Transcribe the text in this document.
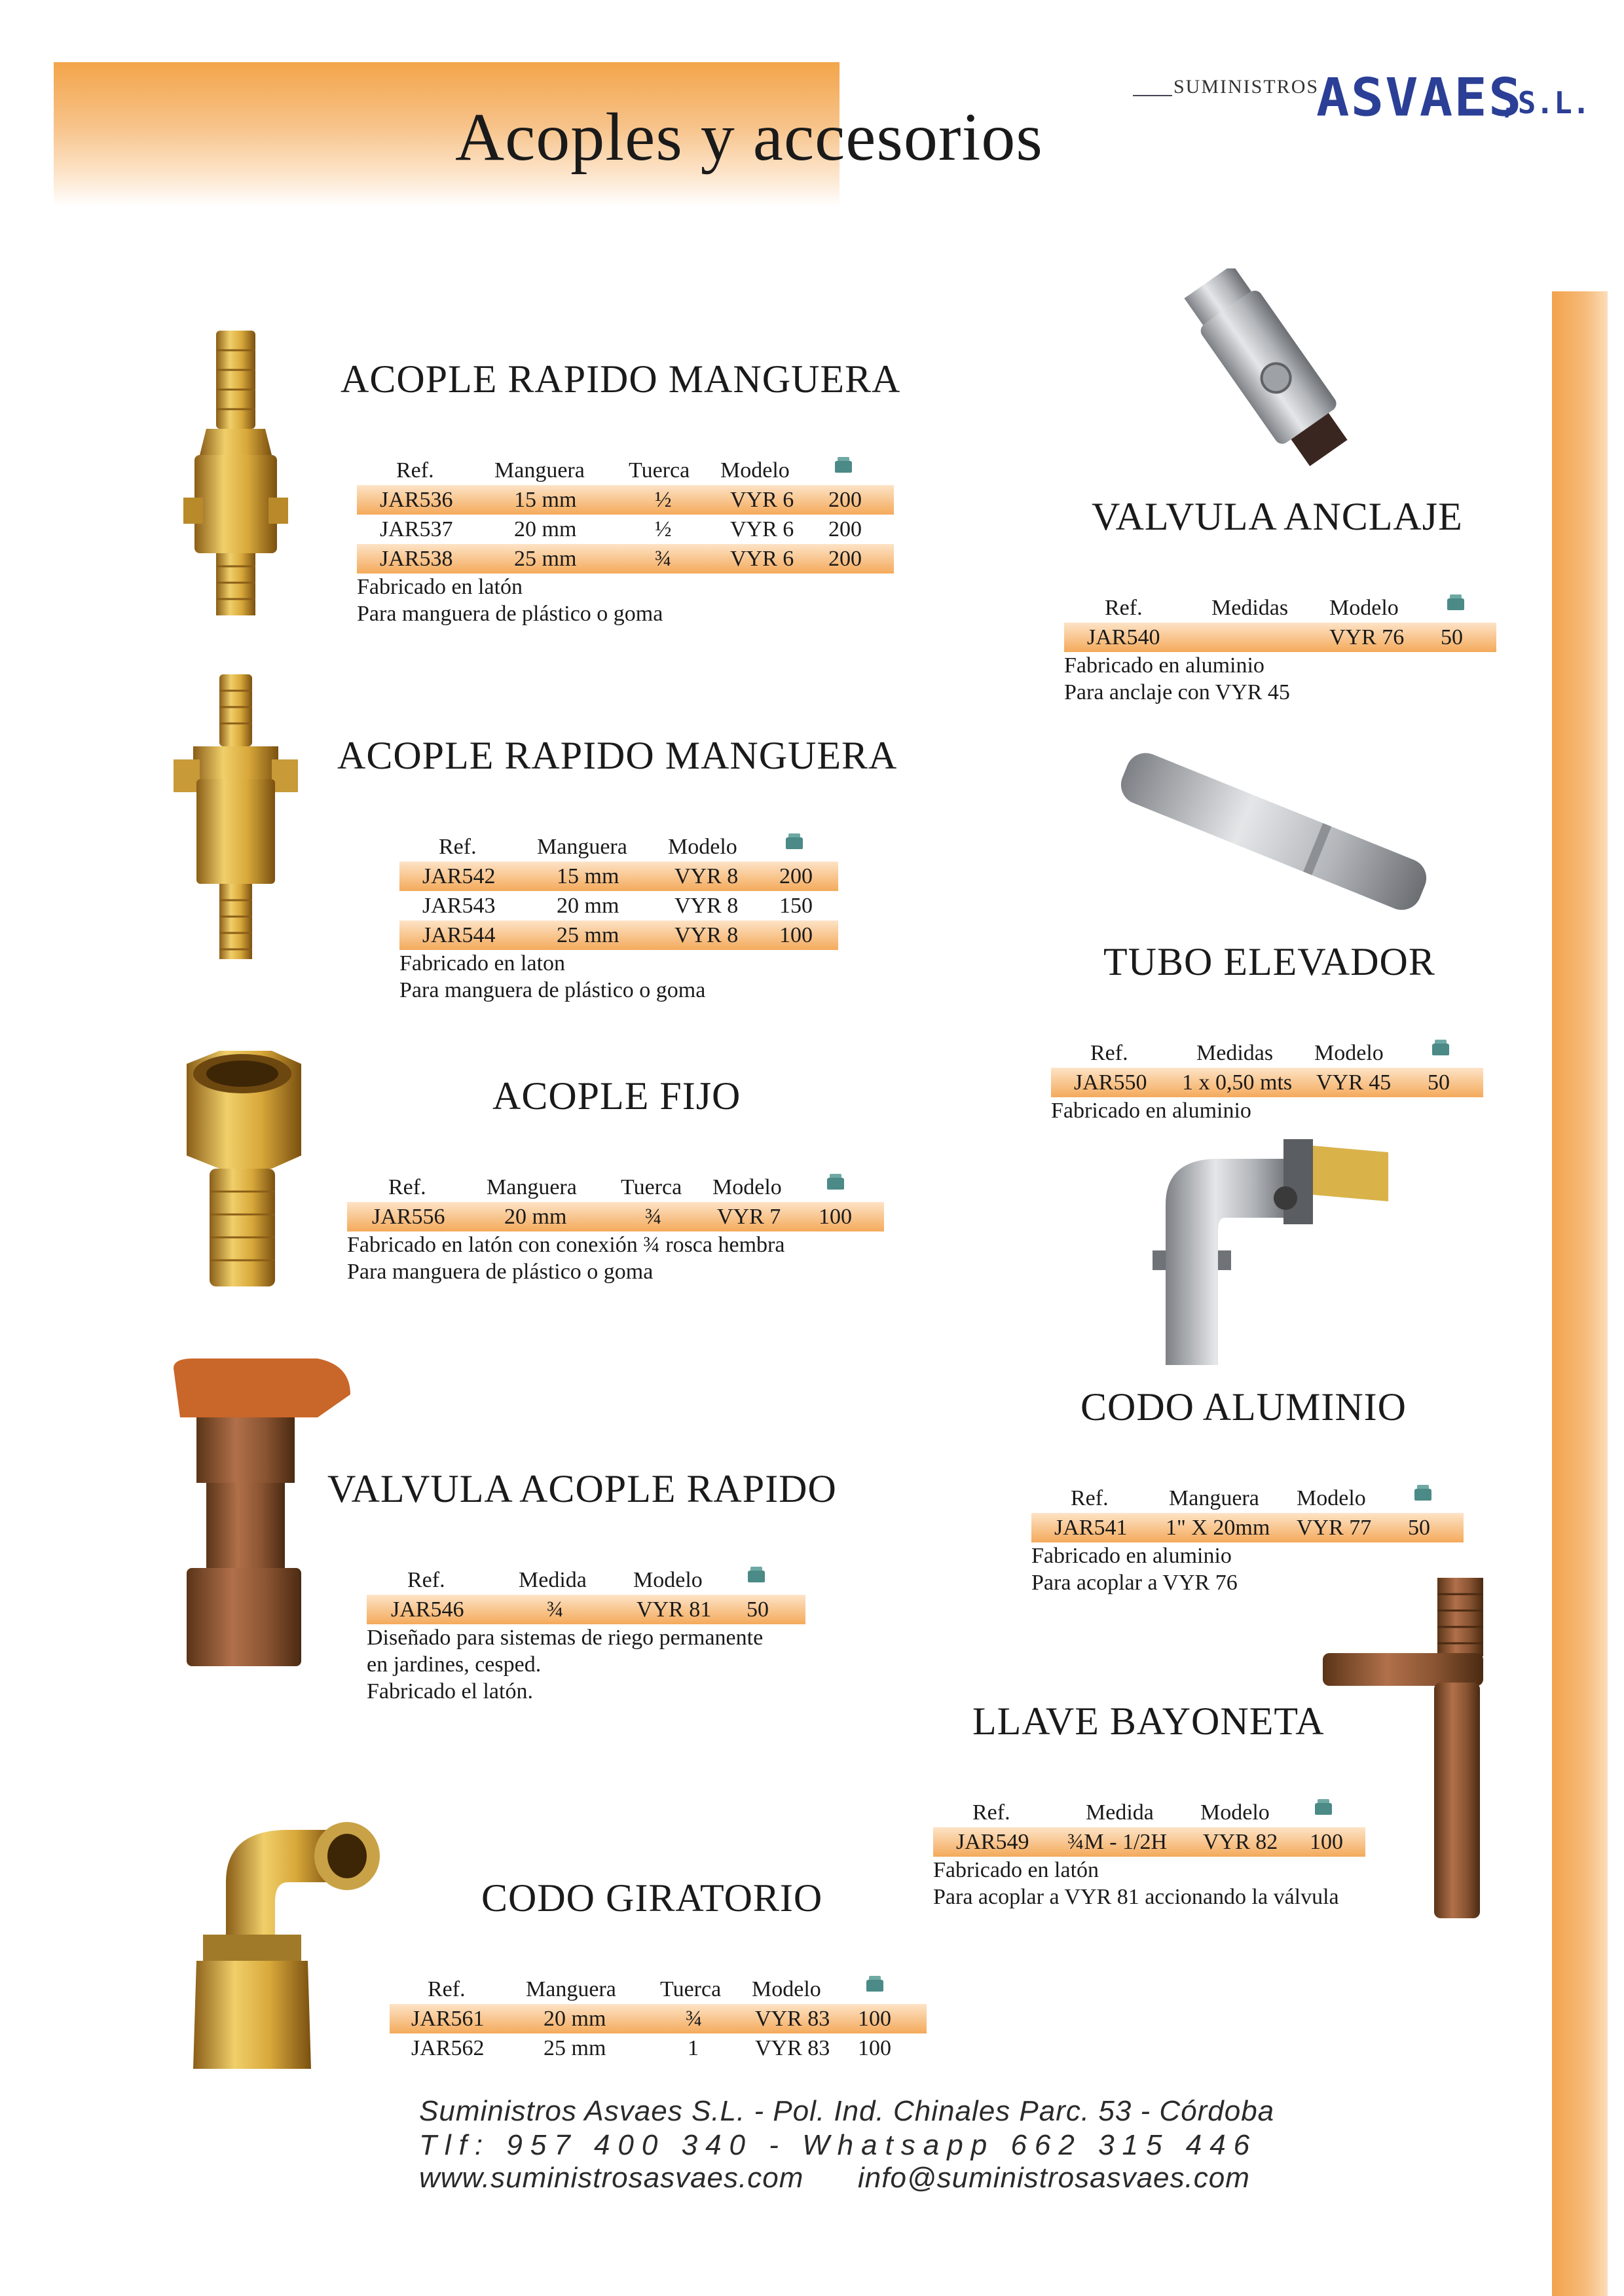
Acoples y accesorios
SUMINISTROS
ASVAES
,S.L.
ACOPLE RAPIDO MANGUERA
Ref.	Manguera Tuerca Modelo
JAR536	15 mm	½	VYR 6 200
JAR537	20 mm	½	VYR 6 200
JAR538	25 mm	¾	VYR 6 200
Fabricado en latón
Para manguera de plástico o goma
ACOPLE RAPIDO MANGUERA
Ref.	Manguera Modelo
JAR542	15 mm VYR 8 200
JAR543	20 mm VYR 8 150
JAR544	25 mm VYR 8 100
Fabricado en laton
Para manguera de plástico o goma
ACOPLE FIJO
Ref.	Manguera Tuerca Modelo
JAR556	20 mm	¾ VYR 7 100
Fabricado en latón con conexión ¾ rosca hembra
Para manguera de plástico o goma
VALVULA ACOPLE RAPIDO
Ref.	Medida Modelo
JAR546	¾	VYR 81 50
Diseñado para sistemas de riego permanente
en jardines, cesped.
Fabricado el latón.
CODO GIRATORIO
Ref.	Manguera Tuerca Modelo
JAR561	20 mm	¾ VYR 83 100
JAR562	25 mm	1	VYR 83 100
VALVULA ANCLAJE
Ref.	Medidas Modelo
JAR540	VYR 76 50
Fabricado en aluminio
Para anclaje con VYR 45
TUBO ELEVADOR
Ref.	Medidas Modelo
JAR550 1 x 0,50 mts VYR 45 50
Fabricado en aluminio
CODO ALUMINIO
Ref.	Manguera Modelo
JAR541 1" X 20mm VYR 77 50
Fabricado en aluminio
Para acoplar a VYR 76
LLAVE BAYONETA
Ref.	Medida Modelo
JAR549 ¾M - 1/2H VYR 82 100
Fabricado en latón
Para acoplar a VYR 81 accionando la válvula
Suministros Asvaes S.L. - Pol. Ind. Chinales Parc. 53 - Córdoba
Tlf: 957 400 340 - Whatsapp 662 315 446
www.suministrosasvaes.com info@suministrosasvaes.com
